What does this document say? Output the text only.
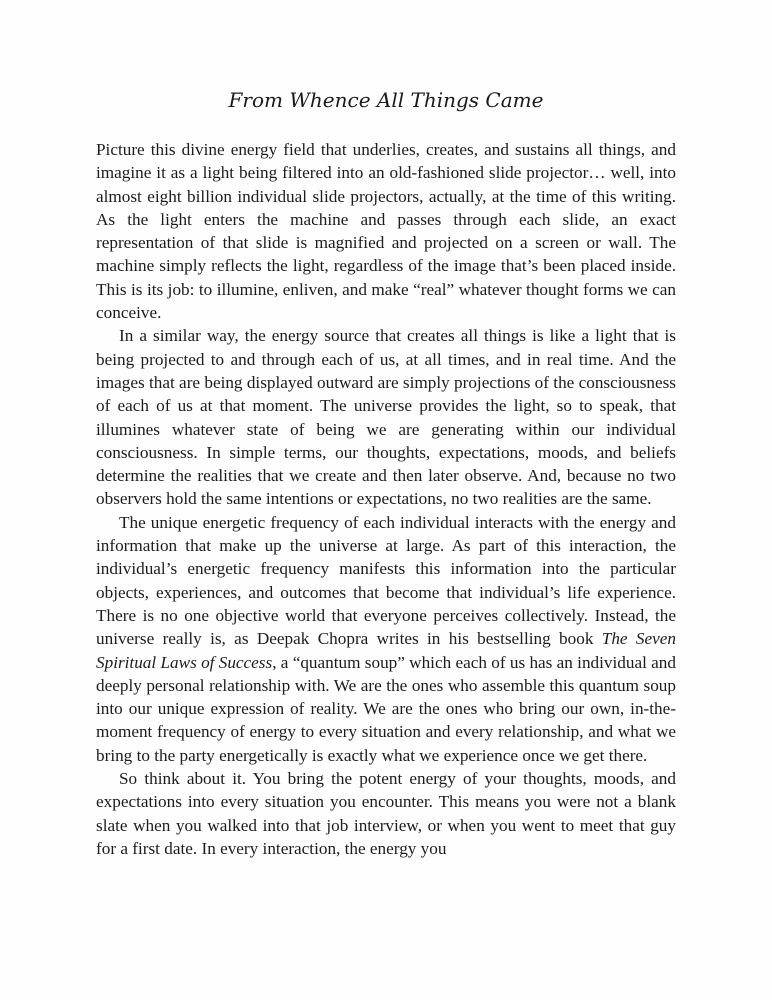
From Whence All Things Came

Picture this divine energy field that underlies, creates, and sustains all things, and imagine it as a light being filtered into an old-fashioned slide projector… well, into almost eight billion individual slide projectors, actually, at the time of this writing. As the light enters the machine and passes through each slide, an exact representation of that slide is magnified and projected on a screen or wall. The machine simply reflects the light, regardless of the image that’s been placed inside. This is its job: to illumine, enliven, and make “real” whatever thought forms we can conceive.

In a similar way, the energy source that creates all things is like a light that is being projected to and through each of us, at all times, and in real time. And the images that are being displayed outward are simply projections of the consciousness of each of us at that moment. The universe provides the light, so to speak, that illumines whatever state of being we are generating within our individual consciousness. In simple terms, our thoughts, expectations, moods, and beliefs determine the realities that we create and then later observe. And, because no two observers hold the same intentions or expectations, no two realities are the same.

The unique energetic frequency of each individual interacts with the energy and information that make up the universe at large. As part of this interaction, the individual’s energetic frequency manifests this information into the particular objects, experiences, and outcomes that become that individual’s life experience. There is no one objective world that everyone perceives collectively. Instead, the universe really is, as Deepak Chopra writes in his bestselling book The Seven Spiritual Laws of Success, a “quantum soup” which each of us has an individual and deeply personal relationship with. We are the ones who assemble this quantum soup into our unique expression of reality. We are the ones who bring our own, in-the-moment frequency of energy to every situation and every relationship, and what we bring to the party energetically is exactly what we experience once we get there.

So think about it. You bring the potent energy of your thoughts, moods, and expectations into every situation you encounter. This means you were not a blank slate when you walked into that job interview, or when you went to meet that guy for a first date. In every interaction, the energy you
